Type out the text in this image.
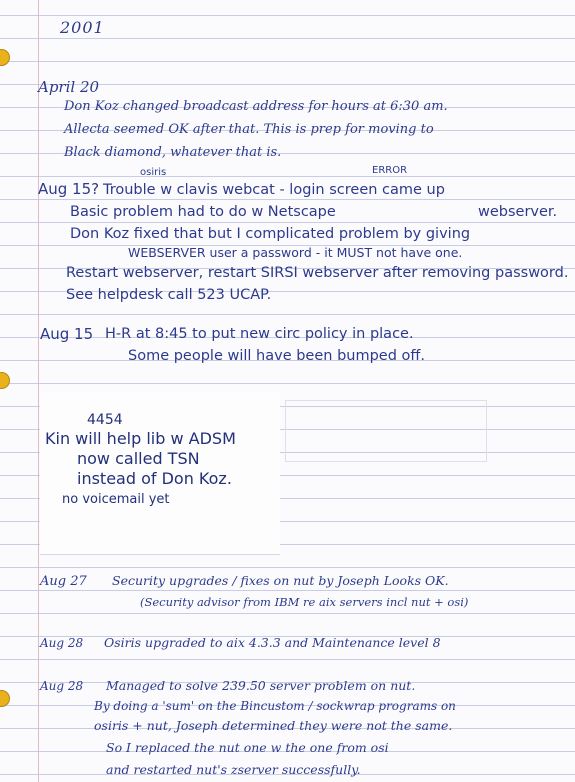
2001
April 20
Don Koz changed broadcast address for hours at 6:30 am.
Allecta seemed OK after that. This is prep for moving to
Black diamond, whatever that is.
osiris	ERROR
Aug 15? Trouble w clavis webcat - login screen came up
Basic problem had to do w Netscape	webserver.
Don Koz fixed that but I complicated problem by giving
WEBSERVER user a password - it MUST not have one.
Restart webserver, restart SIRSI webserver after removing password.
See helpdesk call 523 UCAP.
Aug 15 H-R at 8:45 to put new circ policy in place.
Some people will have been bumped off.
4454
Kin will help lib w ADSM
now called TSN
instead of Don Koz.
no voicemail yet
Aug 27 Security upgrades / fixes on nut by Joseph Looks OK.
(Security advisor from IBM re aix servers incl nut + osi)
Aug 28 Osiris upgraded to aix 4.3.3 and Maintenance level 8
Aug 28 Managed to solve 239.50 server problem on nut.
By doing a 'sum' on the Bincustom / sockwrap programs on
osiris + nut, Joseph determined they were not the same.
So I replaced the nut one w the one from osi
and restarted nut's zserver successfully.
